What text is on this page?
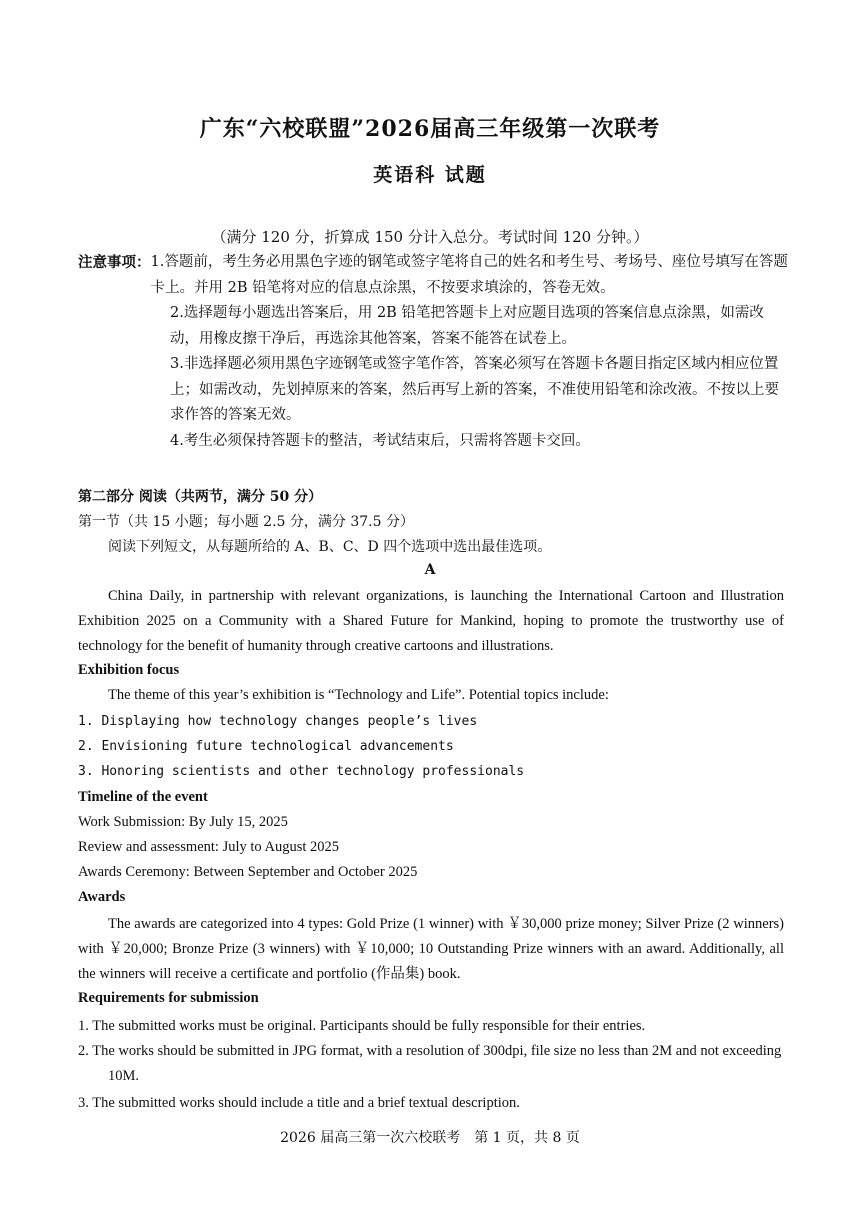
广东“六校联盟”2026届高三年级第一次联考
英语科 试题
（满分 120 分，折算成 150 分计入总分。考试时间 120 分钟。）
注意事项： 1.答题前，考生务必用黑色字迹的钢笔或签字笔将自己的姓名和考生号、考场号、座位号填写在答题卡上。并用 2B 铅笔将对应的信息点涂黑，不按要求填涂的，答卷无效。
2.选择题每小题选出答案后，用 2B 铅笔把答题卡上对应题目选项的答案信息点涂黑，如需改动，用橡皮擦干净后，再选涂其他答案，答案不能答在试卷上。
3.非选择题必须用黑色字迹钢笔或签字笔作答，答案必须写在答题卡各题目指定区域内相应位置上；如需改动，先划掉原来的答案，然后再写上新的答案，不准使用铅笔和涂改液。不按以上要求作答的答案无效。
4.考生必须保持答题卡的整洁，考试结束后，只需将答题卡交回。
第二部分 阅读（共两节，满分 50 分）
第一节（共 15 小题；每小题 2.5 分，满分 37.5 分）
阅读下列短文，从每题所给的 A、B、C、D 四个选项中选出最佳选项。
A
China Daily, in partnership with relevant organizations, is launching the International Cartoon and Illustration Exhibition 2025 on a Community with a Shared Future for Mankind, hoping to promote the trustworthy use of technology for the benefit of humanity through creative cartoons and illustrations.
Exhibition focus
The theme of this year’s exhibition is “Technology and Life”. Potential topics include:
1. Displaying how technology changes people’s lives
2. Envisioning future technological advancements
3. Honoring scientists and other technology professionals
Timeline of the event
Work Submission: By July 15, 2025
Review and assessment: July to August 2025
Awards Ceremony: Between September and October 2025
Awards
The awards are categorized into 4 types: Gold Prize (1 winner) with ￥30,000 prize money; Silver Prize (2 winners) with ￥20,000; Bronze Prize (3 winners) with ￥10,000; 10 Outstanding Prize winners with an award. Additionally, all the winners will receive a certificate and portfolio (作品集) book.
Requirements for submission
1. The submitted works must be original. Participants should be fully responsible for their entries.
2. The works should be submitted in JPG format, with a resolution of 300dpi, file size no less than 2M and not exceeding 10M.
3. The submitted works should include a title and a brief textual description.
2026 届高三第一次六校联考　第 1 页，共 8 页
